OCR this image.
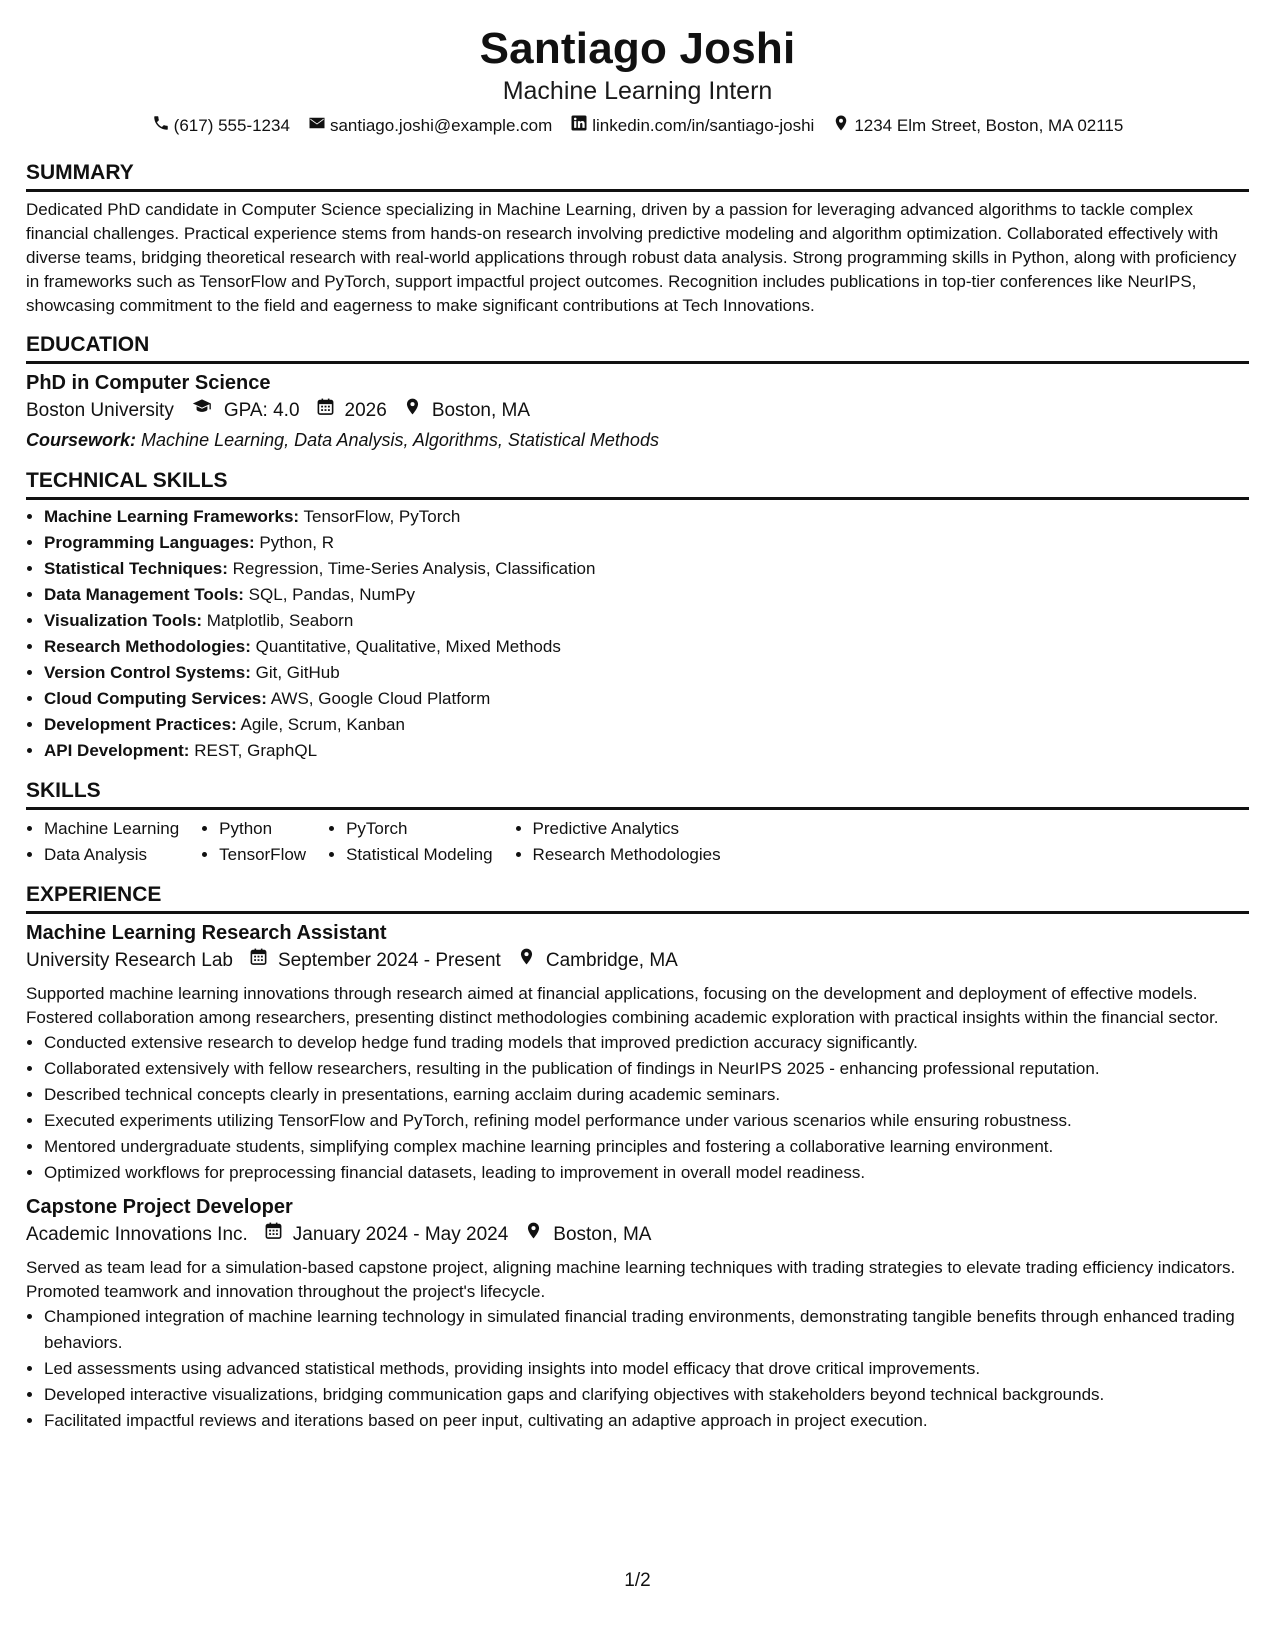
Santiago Joshi
Machine Learning Intern
(617) 555-1234 santiago.joshi@example.com linkedin.com/in/santiago-joshi 1234 Elm Street, Boston, MA 02115
SUMMARY

Dedicated PhD candidate in Computer Science specializing in Machine Learning, driven by a passion for leveraging advanced algorithms to tackle complex financial challenges. Practical experience stems from hands-on research involving predictive modeling and algorithm optimization. Collaborated effectively with diverse teams, bridging theoretical research with real-world applications through robust data analysis. Strong programming skills in Python, along with proficiency in frameworks such as TensorFlow and PyTorch, support impactful project outcomes. Recognition includes publications in top-tier conferences like NeurIPS, showcasing commitment to the field and eagerness to make significant contributions at Tech Innovations.

EDUCATION
PhD in Computer Science
Boston University	GPA: 4.0 2026 Boston, MA
Coursework: Machine Learning, Data Analysis, Algorithms, Statistical Methods
TECHNICAL SKILLS
• Machine Learning Frameworks: TensorFlow, PyTorch
• Programming Languages: Python, R
• Statistical Techniques: Regression, Time-Series Analysis, Classification
• Data Management Tools: SQL, Pandas, NumPy
• Visualization Tools: Matplotlib, Seaborn
• Research Methodologies: Quantitative, Qualitative, Mixed Methods
• Version Control Systems: Git, GitHub
• Cloud Computing Services: AWS, Google Cloud Platform
• Development Practices: Agile, Scrum, Kanban
• API Development: REST, GraphQL
SKILLS
• Machine Learning
• Data Analysis
• Python
• TensorFlow
• PyTorch
• Statistical Modeling
• Predictive Analytics
• Research Methodologies
EXPERIENCE
Machine Learning Research Assistant
University Research Lab September 2024 - Present Cambridge, MA

Supported machine learning innovations through research aimed at financial applications, focusing on the development and deployment of effective models. Fostered collaboration among researchers, presenting distinct methodologies combining academic exploration with practical insights within the financial sector.

• Conducted extensive research to develop hedge fund trading models that improved prediction accuracy significantly.
• Collaborated extensively with fellow researchers, resulting in the publication of findings in NeurIPS 2025 - enhancing professional reputation.
• Described technical concepts clearly in presentations, earning acclaim during academic seminars.
• Executed experiments utilizing TensorFlow and PyTorch, refining model performance under various scenarios while ensuring robustness.
• Mentored undergraduate students, simplifying complex machine learning principles and fostering a collaborative learning environment.
• Optimized workflows for preprocessing financial datasets, leading to improvement in overall model readiness.
Capstone Project Developer
Academic Innovations Inc. January 2024 - May 2024 Boston, MA

Served as team lead for a simulation-based capstone project, aligning machine learning techniques with trading strategies to elevate trading efficiency indicators. Promoted teamwork and innovation throughout the project's lifecycle.

• Championed integration of machine learning technology in simulated financial trading environments, demonstrating tangible benefits through enhanced trading behaviors.
• Led assessments using advanced statistical methods, providing insights into model efficacy that drove critical improvements.
• Developed interactive visualizations, bridging communication gaps and clarifying objectives with stakeholders beyond technical backgrounds.
• Facilitated impactful reviews and iterations based on peer input, cultivating an adaptive approach in project execution.
1/2
